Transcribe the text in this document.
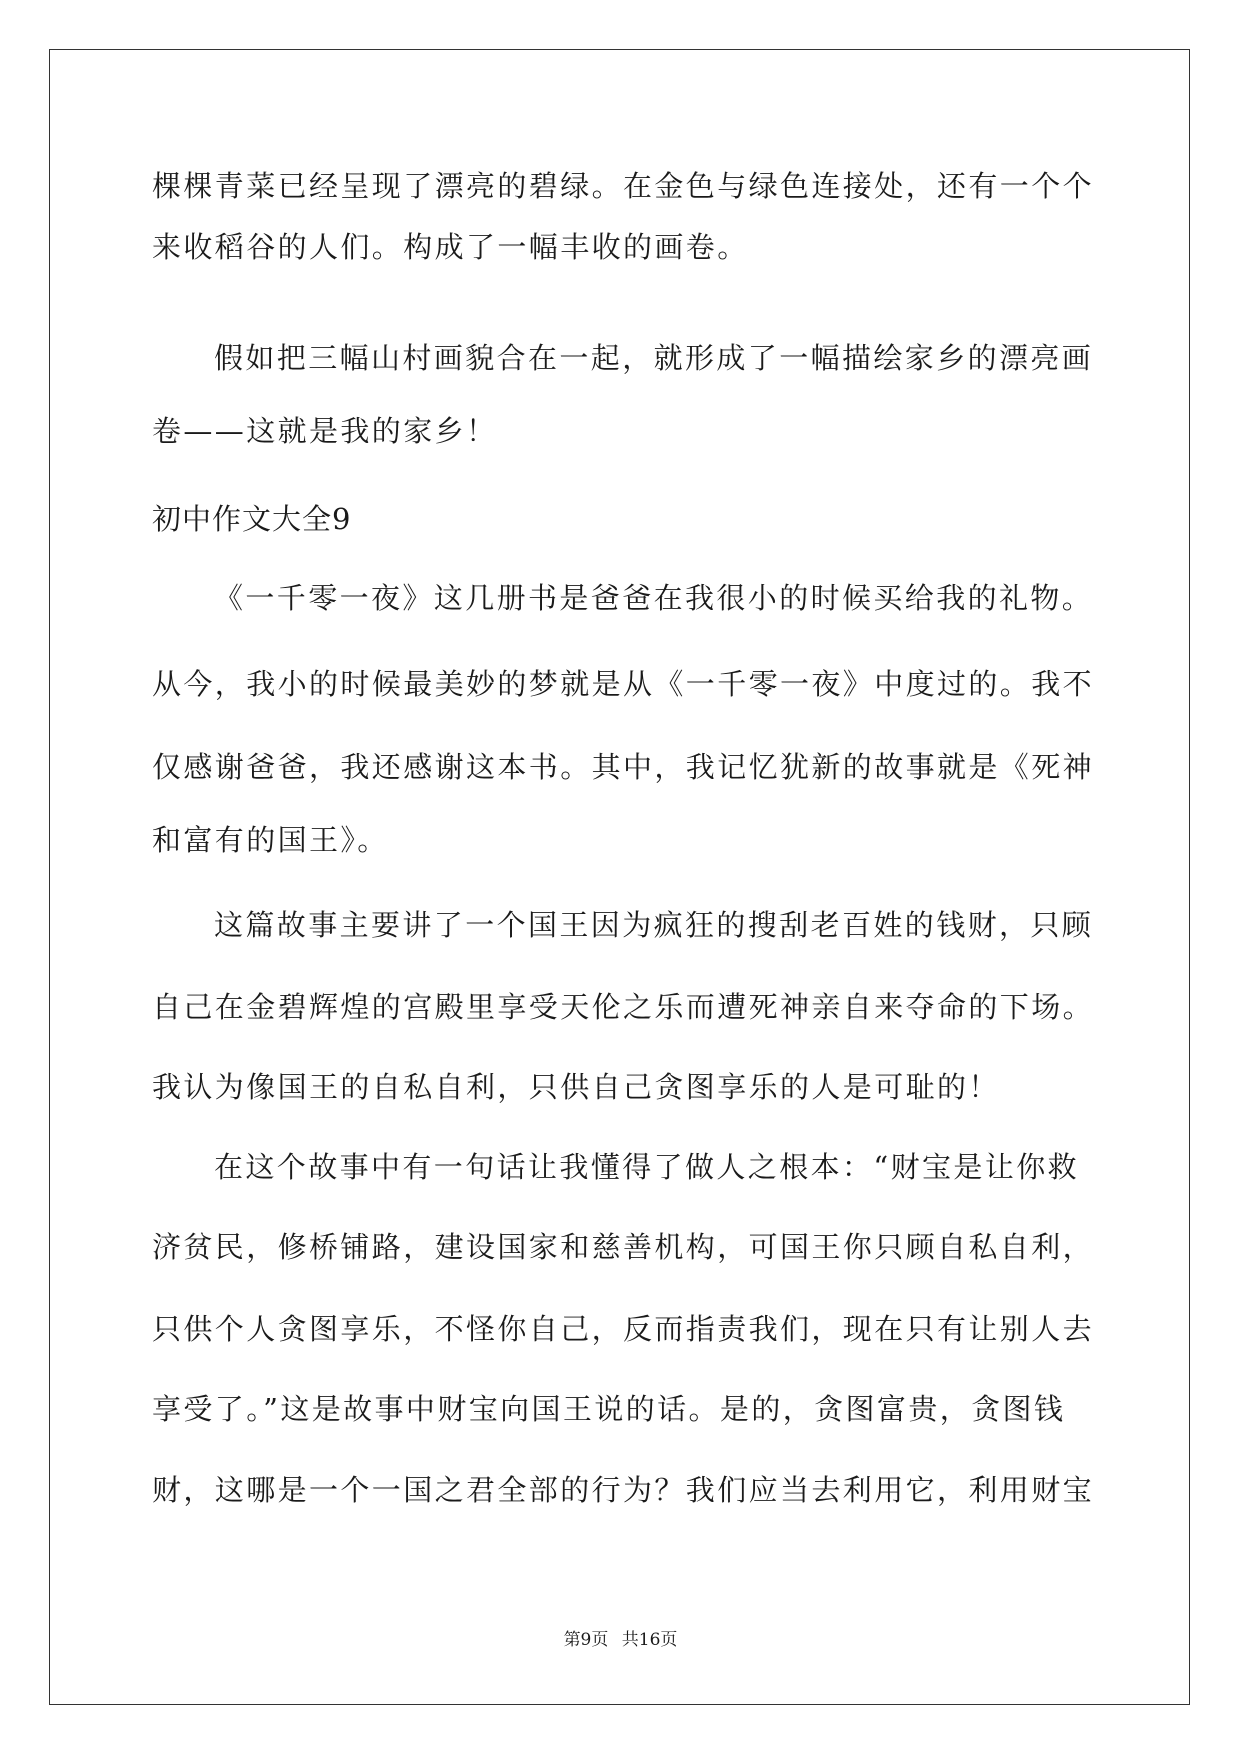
棵棵青菜已经呈现了漂亮的碧绿。在金色与绿色连接处，还有一个个
来收稻谷的人们。构成了一幅丰收的画卷。
假如把三幅山村画貌合在一起，就形成了一幅描绘家乡的漂亮画
卷——这就是我的家乡！
初中作文大全9
《一千零一夜》这几册书是爸爸在我很小的时候买给我的礼物。
从今，我小的时候最美妙的梦就是从《一千零一夜》中度过的。我不
仅感谢爸爸，我还感谢这本书。其中，我记忆犹新的故事就是《死神
和富有的国王》。
这篇故事主要讲了一个国王因为疯狂的搜刮老百姓的钱财，只顾
自己在金碧辉煌的宫殿里享受天伦之乐而遭死神亲自来夺命的下场。
我认为像国王的自私自利，只供自己贪图享乐的人是可耻的！
在这个故事中有一句话让我懂得了做人之根本：“财宝是让你救
济贫民，修桥铺路，建设国家和慈善机构，可国王你只顾自私自利，
只供个人贪图享乐，不怪你自己，反而指责我们，现在只有让别人去
享受了。”这是故事中财宝向国王说的话。是的，贪图富贵，贪图钱
财，这哪是一个一国之君全部的行为？我们应当去利用它，利用财宝
第9页 共16页
